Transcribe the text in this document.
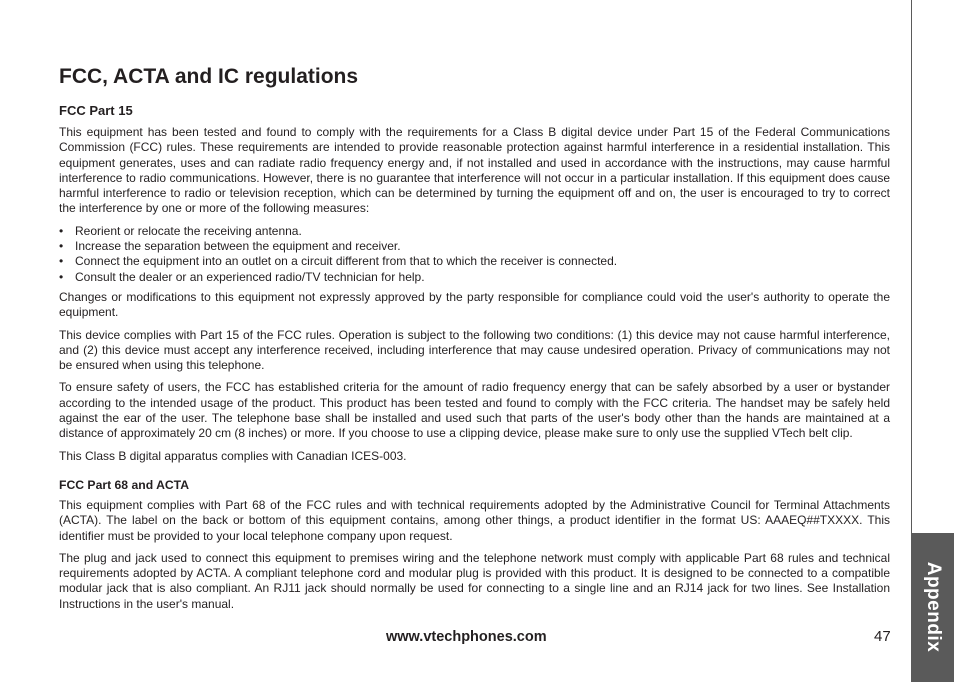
Appendix
FCC, ACTA and IC regulations
FCC Part 15

This equipment has been tested and found to comply with the requirements for a Class B digital device under Part 15 of the Federal Communications Commission (FCC) rules. These requirements are intended to provide reasonable protection against harmful interference in a residential installation. This equipment generates, uses and can radiate radio frequency energy and, if not installed and used in accordance with the instructions, may cause harmful interference to radio communications. However, there is no guarantee that interference will not occur in a particular installation. If this equipment does cause harmful interference to radio or television reception, which can be determined by turning the equipment off and on, the user is encouraged to try to correct the interference by one or more of the following measures:

• Reorient or relocate the receiving antenna.
• Increase the separation between the equipment and receiver.
• Connect the equipment into an outlet on a circuit different from that to which the receiver is connected.
• Consult the dealer or an experienced radio/TV technician for help.

Changes or modifications to this equipment not expressly approved by the party responsible for compliance could void the user's authority to operate the equipment.

This device complies with Part 15 of the FCC rules. Operation is subject to the following two conditions: (1) this device may not cause harmful interference, and (2) this device must accept any interference received, including interference that may cause undesired operation. Privacy of communications may not be ensured when using this telephone.

To ensure safety of users, the FCC has established criteria for the amount of radio frequency energy that can be safely absorbed by a user or bystander according to the intended usage of the product. This product has been tested and found to comply with the FCC criteria. The handset may be safely held against the ear of the user. The telephone base shall be installed and used such that parts of the user's body other than the hands are maintained at a distance of approximately 20 cm (8 inches) or more. If you choose to use a clipping device, please make sure to only use the supplied VTech belt clip.

This Class B digital apparatus complies with Canadian ICES-003.

FCC Part 68 and ACTA

This equipment complies with Part 68 of the FCC rules and with technical requirements adopted by the Administrative Council for Terminal Attachments (ACTA). The label on the back or bottom of this equipment contains, among other things, a product identifier in the format US: AAAEQ##TXXXX. This identifier must be provided to your local telephone company upon request.

The plug and jack used to connect this equipment to premises wiring and the telephone network must comply with applicable Part 68 rules and technical requirements adopted by ACTA. A compliant telephone cord and modular plug is provided with this product. It is designed to be connected to a compatible modular jack that is also compliant. An RJ11 jack should normally be used for connecting to a single line and an RJ14 jack for two lines. See Installation Instructions in the user's manual.

www.vtechphones.com	47
